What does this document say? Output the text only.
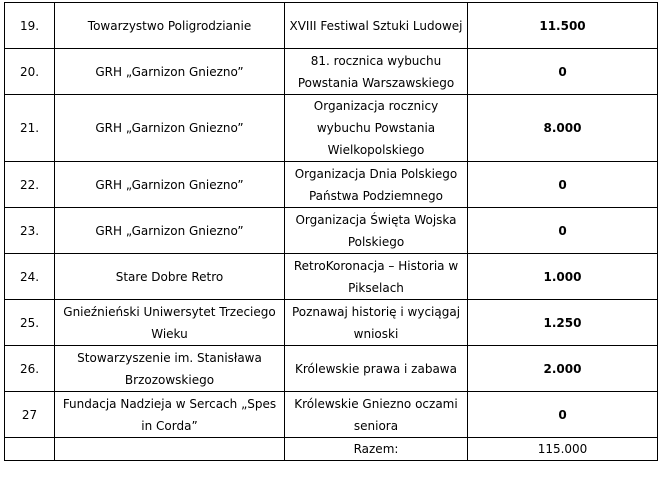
19.	Towarzystwo Poligrodzianie	XVIII Festiwal Sztuki Ludowej	11.500
20.	GRH „Garnizon Gniezno”	81. rocznica wybuchu Powstania Warszawskiego	0
21.	GRH „Garnizon Gniezno”	Organizacja rocznicy wybuchu Powstania Wielkopolskiego	8.000
22.	GRH „Garnizon Gniezno”	Organizacja Dnia Polskiego Państwa Podziemnego	0
23.	GRH „Garnizon Gniezno”	Organizacja Święta Wojska Polskiego	0
24.	Stare Dobre Retro	RetroKoronacja – Historia w Pikselach	1.000
25.	Gnieźnieński Uniwersytet Trzeciego Wieku	Poznawaj historię i wyciągaj wnioski	1.250
26.	Stowarzyszenie im. Stanisława Brzozowskiego	Królewskie prawa i zabawa	2.000
27	Fundacja Nadzieja w Sercach „Spes in Corda”	Królewskie Gniezno oczami seniora	0
		Razem:	115.000
